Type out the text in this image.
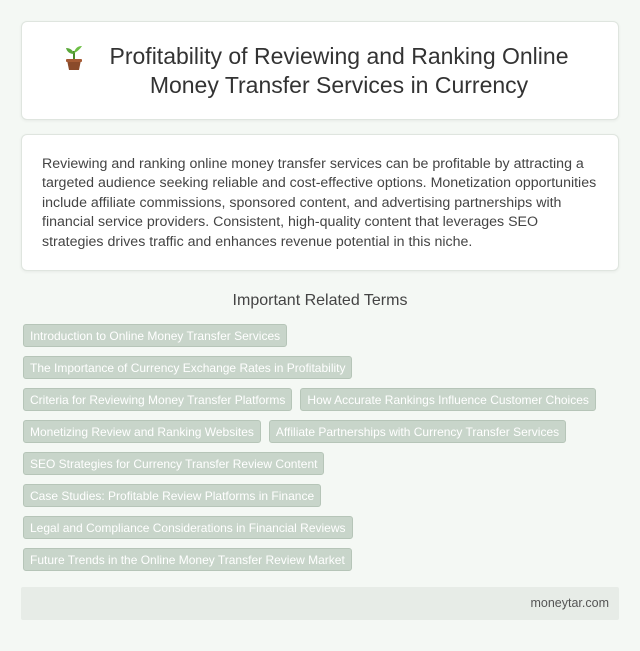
Profitability of Reviewing and Ranking Online Money Transfer Services in Currency

Reviewing and ranking online money transfer services can be profitable by attracting a targeted audience seeking reliable and cost-effective options. Monetization opportunities include affiliate commissions, sponsored content, and advertising partnerships with financial service providers. Consistent, high-quality content that leverages SEO strategies drives traffic and enhances revenue potential in this niche.

Important Related Terms
Introduction to Online Money Transfer Services
The Importance of Currency Exchange Rates in Profitability
Criteria for Reviewing Money Transfer Platforms	How Accurate Rankings Influence Customer Choices
Monetizing Review and Ranking Websites	Affiliate Partnerships with Currency Transfer Services
SEO Strategies for Currency Transfer Review Content
Case Studies: Profitable Review Platforms in Finance
Legal and Compliance Considerations in Financial Reviews
Future Trends in the Online Money Transfer Review Market
moneytar.com
